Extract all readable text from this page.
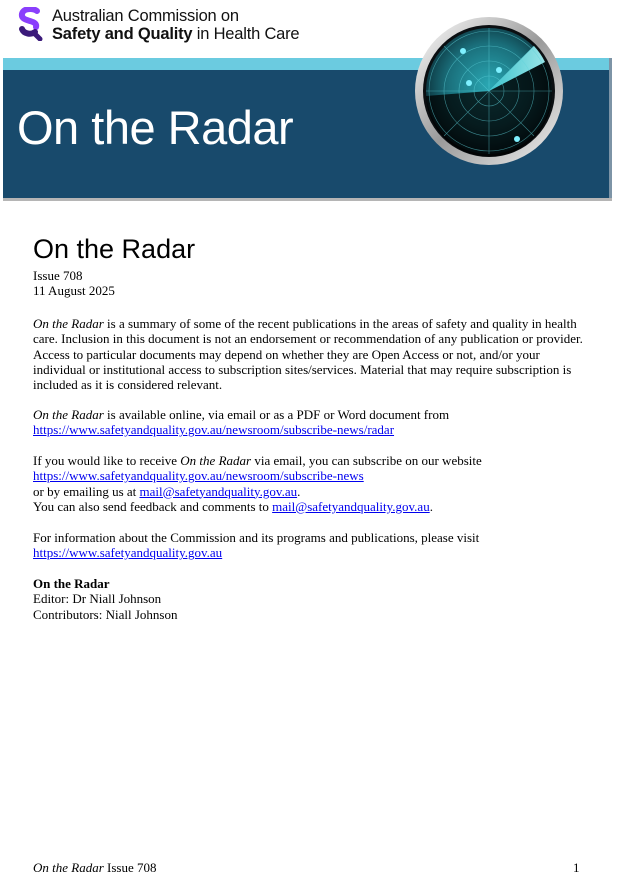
Australian Commission on
Safety and Quality in Health Care
On the Radar
On the Radar
Issue 708
11 August 2025
On the Radar is a summary of some of the recent publications in the areas of safety and quality in health care. Inclusion in this document is not an endorsement or recommendation of any publication or provider. Access to particular documents may depend on whether they are Open Access or not, and/or your individual or institutional access to subscription sites/services. Material that may require subscription is included as it is considered relevant.
On the Radar is available online, via email or as a PDF or Word document from
https://www.safetyandquality.gov.au/newsroom/subscribe-news/radar
If you would like to receive On the Radar via email, you can subscribe on our website
https://www.safetyandquality.gov.au/newsroom/subscribe-news
or by emailing us at mail@safetyandquality.gov.au.
You can also send feedback and comments to mail@safetyandquality.gov.au.
For information about the Commission and its programs and publications, please visit
https://www.safetyandquality.gov.au
On the Radar
Editor: Dr Niall Johnson
Contributors: Niall Johnson
On the Radar Issue 708	1
